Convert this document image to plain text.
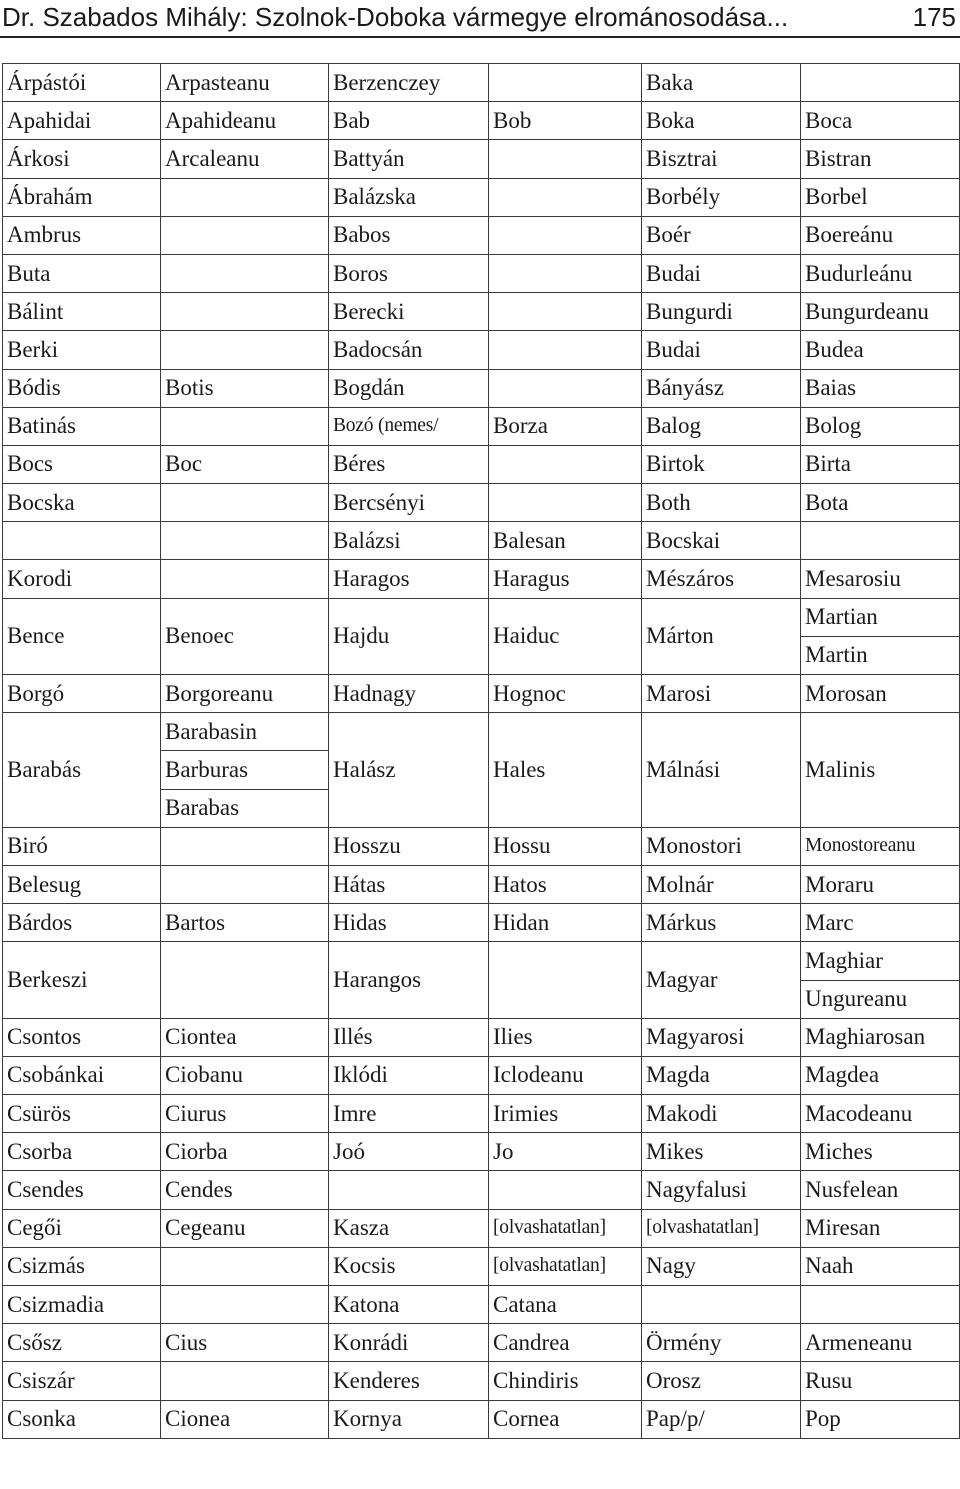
Dr. Szabados Mihály: Szolnok-Doboka vármegye elrománosodása...	175
Árpástói	Arpasteanu	Berzenczey		Baka	
Apahidai	Apahideanu	Bab	Bob	Boka	Boca
Árkosi	Arcaleanu	Battyán		Bisztrai	Bistran
Ábrahám		Balázska		Borbély	Borbel
Ambrus		Babos		Boér	Boereánu
Buta		Boros		Budai	Budurleánu
Bálint		Berecki		Bungurdi	Bungurdeanu
Berki		Badocsán		Budai	Budea
Bódis	Botis	Bogdán		Bányász	Baias
Batinás		Bozó (nemes/	Borza	Balog	Bolog
Bocs	Boc	Béres		Birtok	Birta
Bocska		Bercsényi		Both	Bota
		Balázsi	Balesan	Bocskai	
Korodi		Haragos	Haragus	Mészáros	Mesarosiu
Bence	Benoec	Hajdu	Haiduc	Márton	Martian
					Martin
Borgó	Borgoreanu	Hadnagy	Hognoc	Marosi	Morosan
Barabás	Barabasin	Halász	Hales	Málnási	Malinis
	Barburas				
	Barabas				
Biró		Hosszu	Hossu	Monostori	Monostoreanu
Belesug		Hátas	Hatos	Molnár	Moraru
Bárdos	Bartos	Hidas	Hidan	Márkus	Marc
Berkeszi		Harangos		Magyar	Maghiar
					Ungureanu
Csontos	Ciontea	Illés	Ilies	Magyarosi	Maghiarosan
Csobánkai	Ciobanu	Iklódi	Iclodeanu	Magda	Magdea
Csürös	Ciurus	Imre	Irimies	Makodi	Macodeanu
Csorba	Ciorba	Joó	Jo	Mikes	Miches
Csendes	Cendes			Nagyfalusi	Nusfelean
Cegői	Cegeanu	Kasza	[olvashatatlan]	[olvashatatlan]	Miresan
Csizmás		Kocsis	[olvashatatlan]	Nagy	Naah
Csizmadia		Katona	Catana		
Csősz	Cius	Konrádi	Candrea	Örmény	Armeneanu
Csiszár		Kenderes	Chindiris	Orosz	Rusu
Csonka	Cionea	Kornya	Cornea	Pap/p/	Pop
